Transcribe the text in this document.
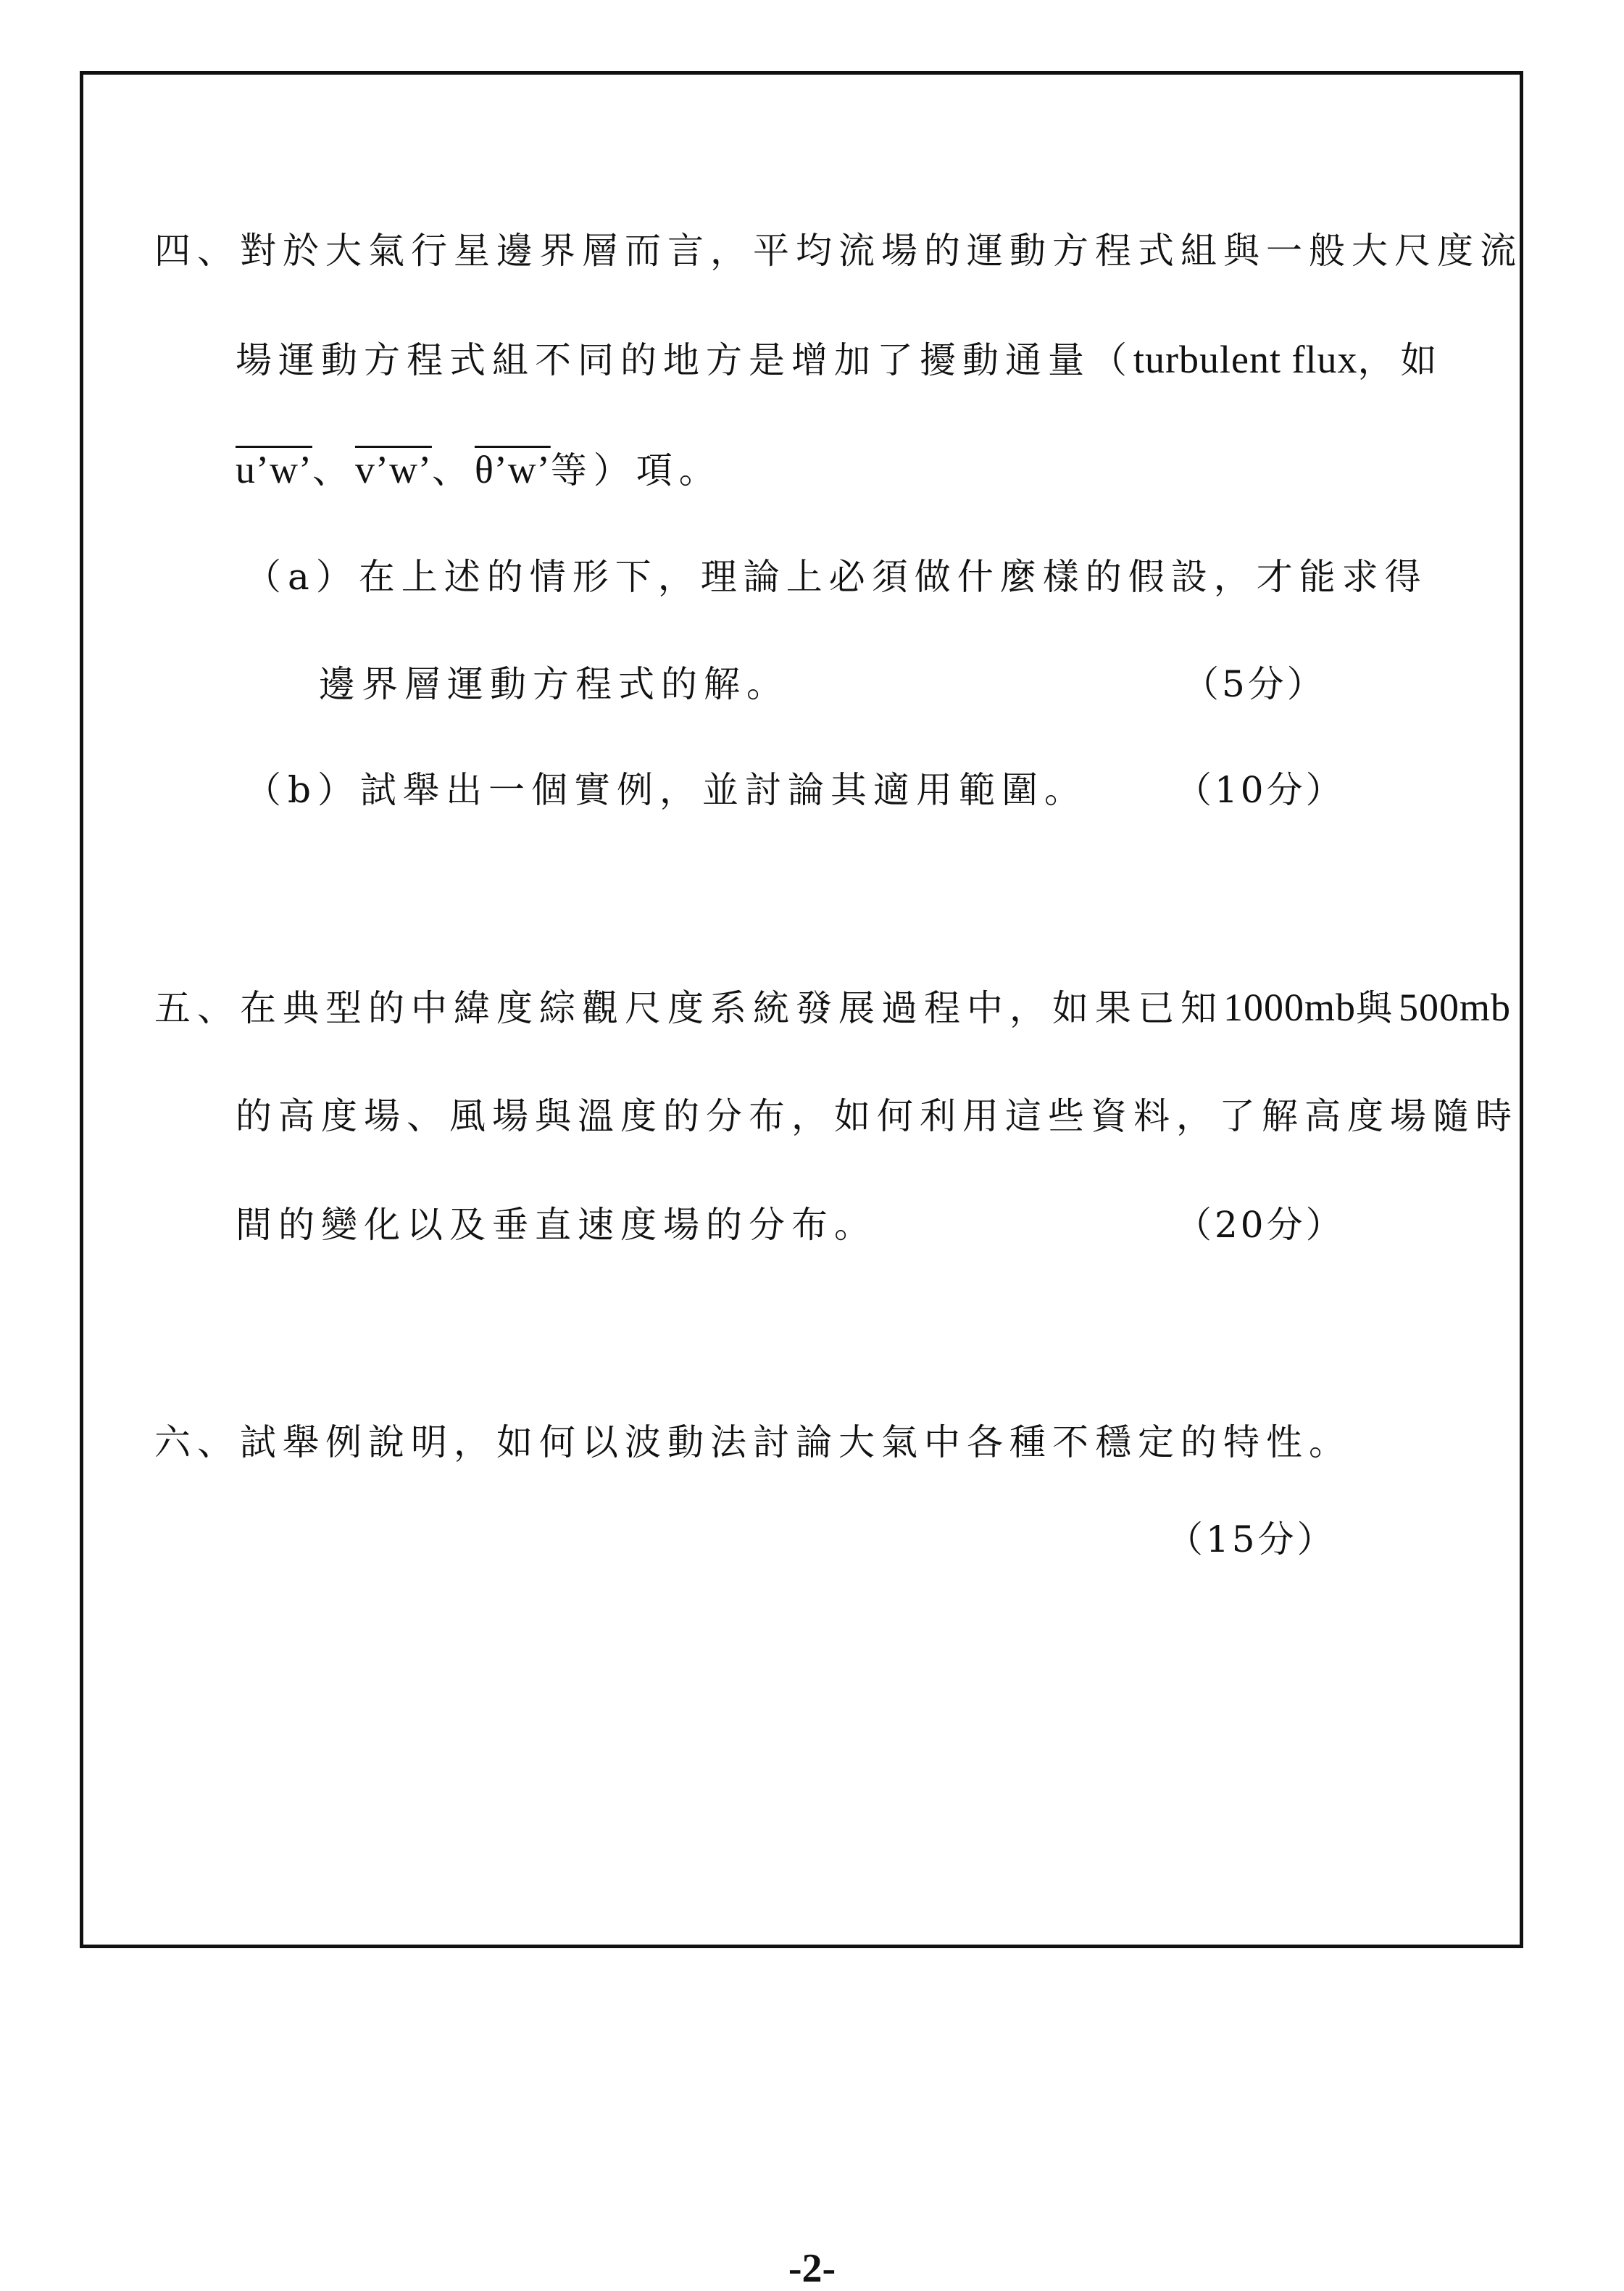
四、對於大氣行星邊界層而言，平均流場的運動方程式組與一般大尺度流
場運動方程式組不同的地方是增加了擾動通量（turbulent flux，如
u’w’、v’w’、θ’w’等）項。
（a）在上述的情形下，理論上必須做什麼樣的假設，才能求得
邊界層運動方程式的解。	（5分）
（b）試舉出一個實例，並討論其適用範圍。 （10分）
五、在典型的中緯度綜觀尺度系統發展過程中，如果已知1000mb與500mb
的高度場、風場與溫度的分布，如何利用這些資料，了解高度場隨時
間的變化以及垂直速度場的分布。	（20分）
六、試舉例說明，如何以波動法討論大氣中各種不穩定的特性。
（15分）
-2-
